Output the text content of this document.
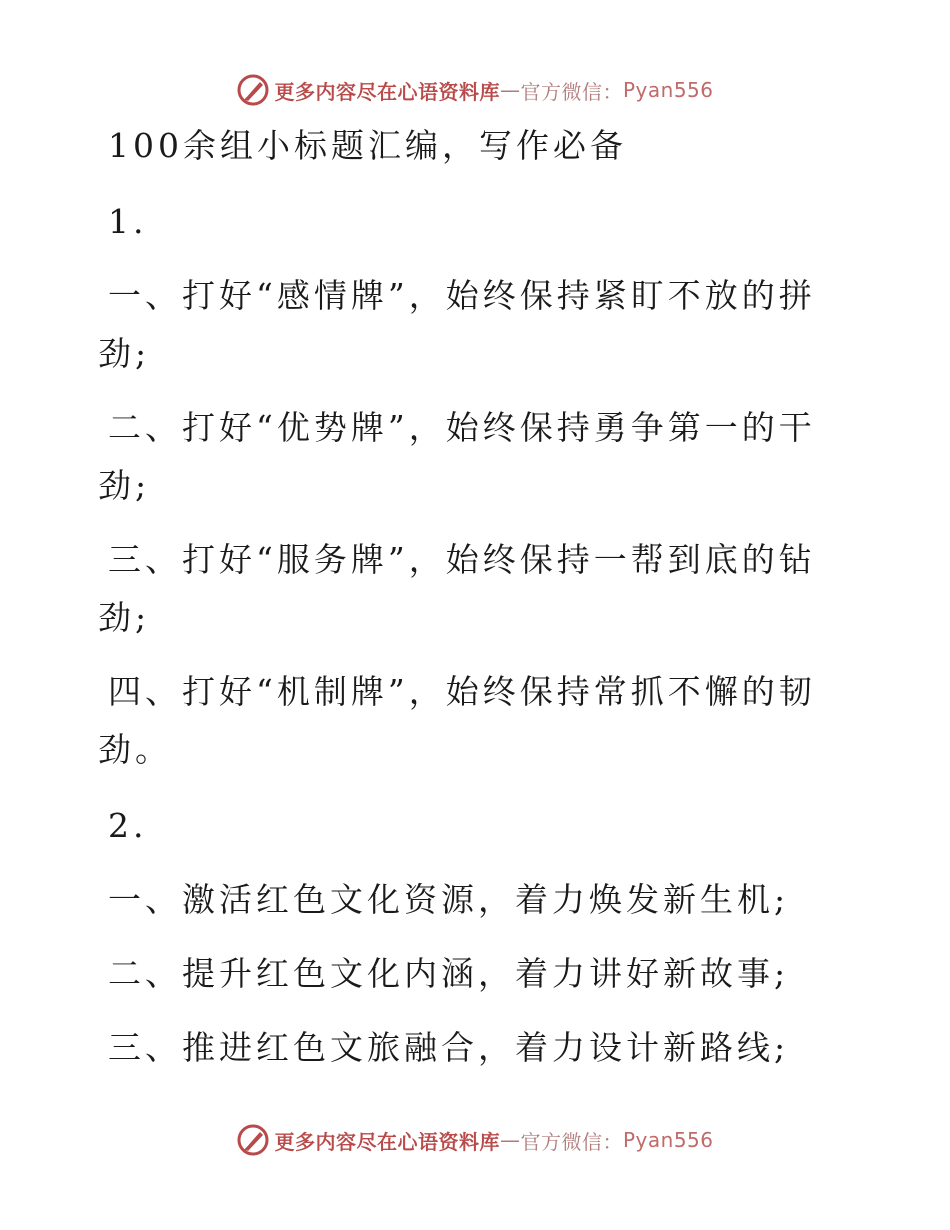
更多内容尽在心语资料库 — 官方微信： Pyan556
100余组小标题汇编，写作必备
1.
一、打好“感情牌”，始终保持紧盯不放的拼
劲;
二、打好“优势牌”，始终保持勇争第一的干
劲;
三、打好“服务牌”，始终保持一帮到底的钻
劲;
四、打好“机制牌”，始终保持常抓不懈的韧
劲。
2.
一、激活红色文化资源，着力焕发新生机;
二、提升红色文化内涵，着力讲好新故事;
三、推进红色文旅融合，着力设计新路线;
更多内容尽在心语资料库 — 官方微信： Pyan556
